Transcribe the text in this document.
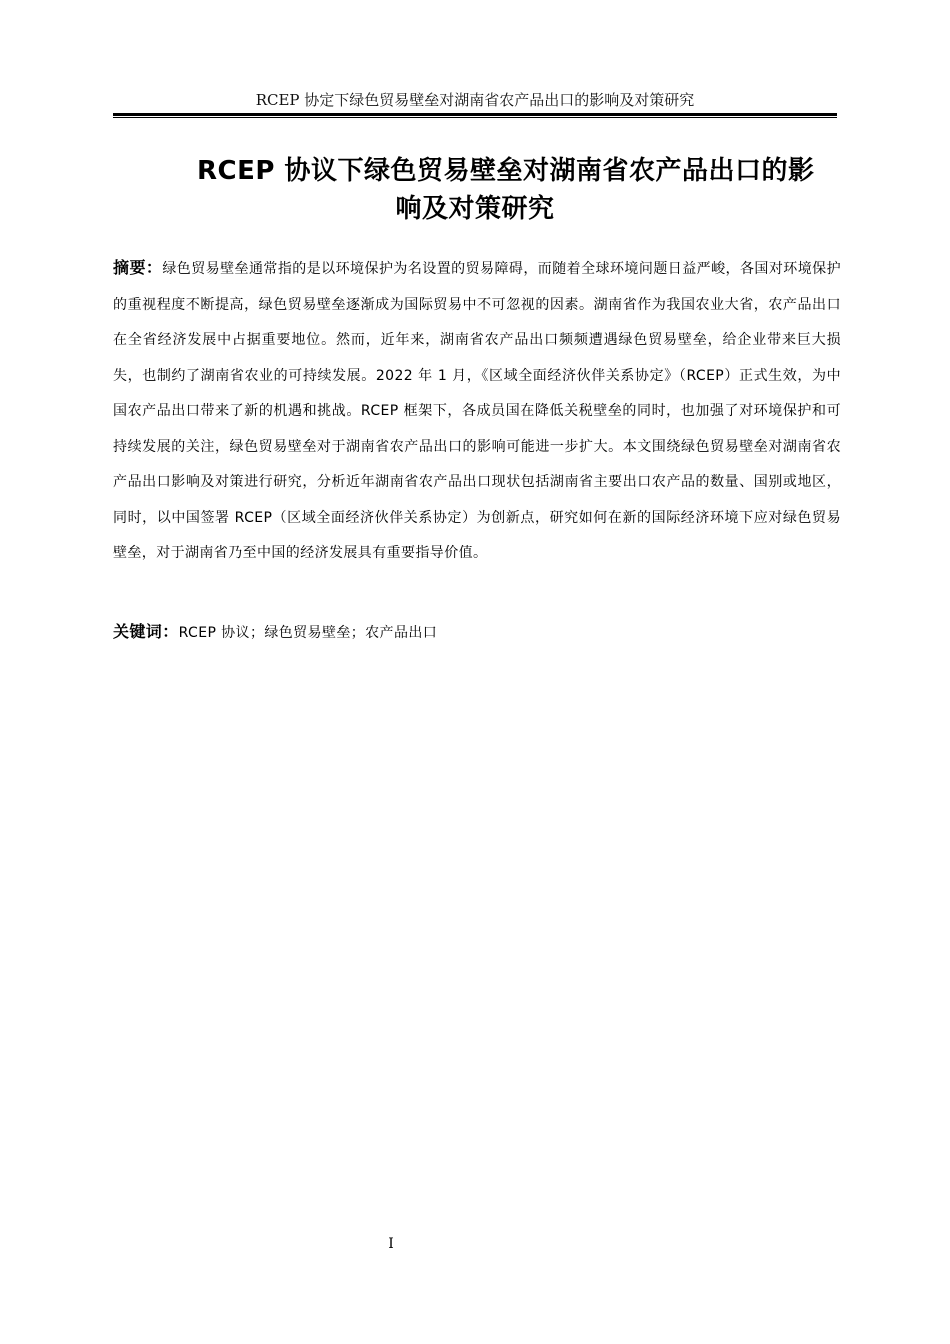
RCEP 协定下绿色贸易壁垒对湖南省农产品出口的影响及对策研究
RCEP 协议下绿色贸易壁垒对湖南省农产品出口的影
响及对策研究

摘要：绿色贸易壁垒通常指的是以环境保护为名设置的贸易障碍，而随着全球环境问题日益严峻，各国对环境保护的重视程度不断提高，绿色贸易壁垒逐渐成为国际贸易中不可忽视的因素。湖南省作为我国农业大省，农产品出口在全省经济发展中占据重要地位。然而，近年来，湖南省农产品出口频频遭遇绿色贸易壁垒，给企业带来巨大损失，也制约了湖南省农业的可持续发展。2022 年 1 月，《区域全面经济伙伴关系协定》（RCEP）正式生效，为中国农产品出口带来了新的机遇和挑战。RCEP 框架下，各成员国在降低关税壁垒的同时，也加强了对环境保护和可持续发展的关注，绿色贸易壁垒对于湖南省农产品出口的影响可能进一步扩大。本文围绕绿色贸易壁垒对湖南省农产品出口影响及对策进行研究，分析近年湖南省农产品出口现状包括湖南省主要出口农产品的数量、国别或地区，同时，以中国签署 RCEP（区域全面经济伙伴关系协定）为创新点，研究如何在新的国际经济环境下应对绿色贸易壁垒，对于湖南省乃至中国的经济发展具有重要指导价值。

关键词：RCEP 协议；绿色贸易壁垒；农产品出口

I
